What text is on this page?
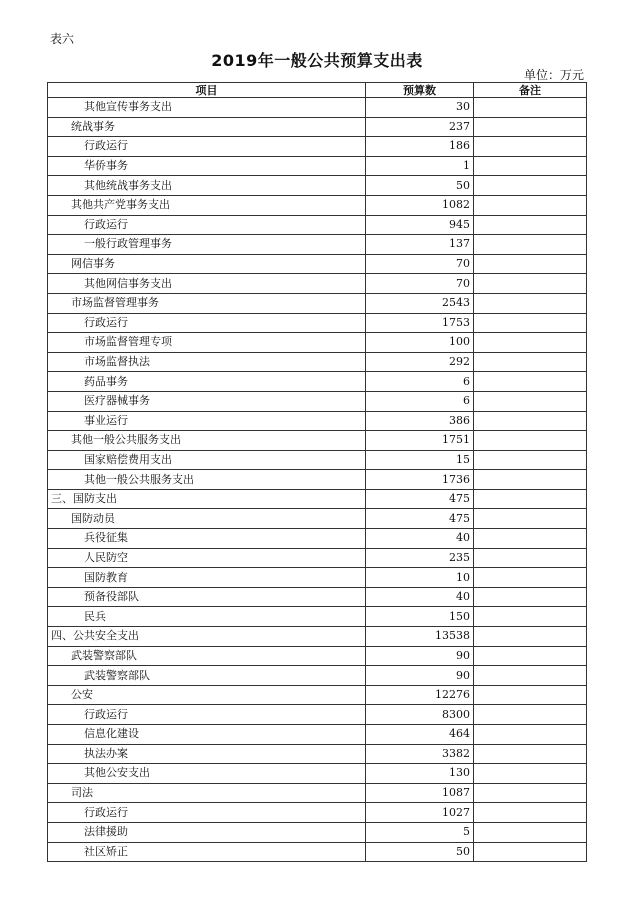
表六
2019年一般公共预算支出表
单位：万元
项目	预算数	备注
其他宣传事务支出	30	
统战事务	237	
行政运行	186	
华侨事务	1	
其他统战事务支出	50	
其他共产党事务支出	1082	
行政运行	945	
一般行政管理事务	137	
网信事务	70	
其他网信事务支出	70	
市场监督管理事务	2543	
行政运行	1753	
市场监督管理专项	100	
市场监督执法	292	
药品事务	6	
医疗器械事务	6	
事业运行	386	
其他一般公共服务支出	1751	
国家赔偿费用支出	15	
其他一般公共服务支出	1736	
三、国防支出	475	
国防动员	475	
兵役征集	40	
人民防空	235	
国防教育	10	
预备役部队	40	
民兵	150	
四、公共安全支出	13538	
武装警察部队	90	
武装警察部队	90	
公安	12276	
行政运行	8300	
信息化建设	464	
执法办案	3382	
其他公安支出	130	
司法	1087	
行政运行	1027	
法律援助	5	
社区矫正	50	
